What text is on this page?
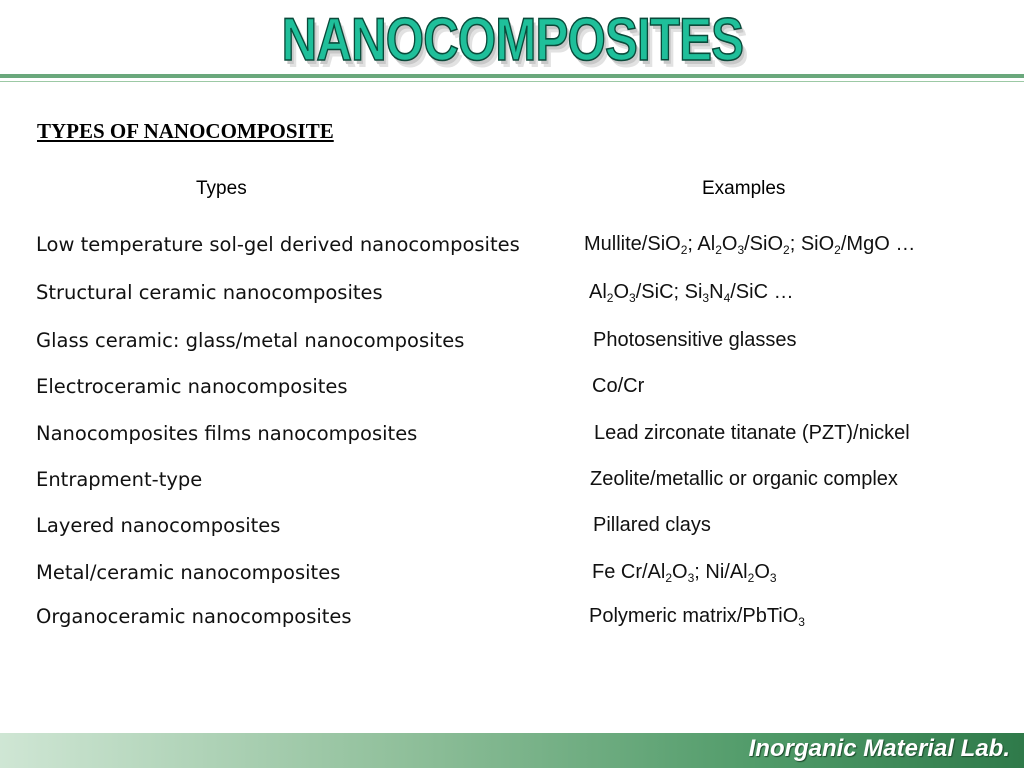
NANOCOMPOSITES
TYPES OF NANOCOMPOSITE
Types	Examples
Low temperature sol-gel derived nanocomposites	Mullite/SiO$_2$; $Al_2O_3/SiO_2$; SiO$_2$/MgO …
Structural ceramic nanocomposites	$Al_2O_3$/SiC; $Si_3N_4$/SiC …
Glass ceramic: glass/metal nanocomposites	Photosensitive glasses
Electroceramic nanocomposites	Co/Cr
Nanocomposites films nanocomposites	Lead zirconate titanate (PZT)/nickel
Entrapment-type	Zeolite/metallic or organic complex
Layered nanocomposites	Pillared clays
Metal/ceramic nanocomposites	Fe $Cr/Al_2O_3$; $Ni/Al_2O_3$
Organoceramic nanocomposites	Polymeric matrix/PbTiO$_3$
Inorganic Material Lab.
